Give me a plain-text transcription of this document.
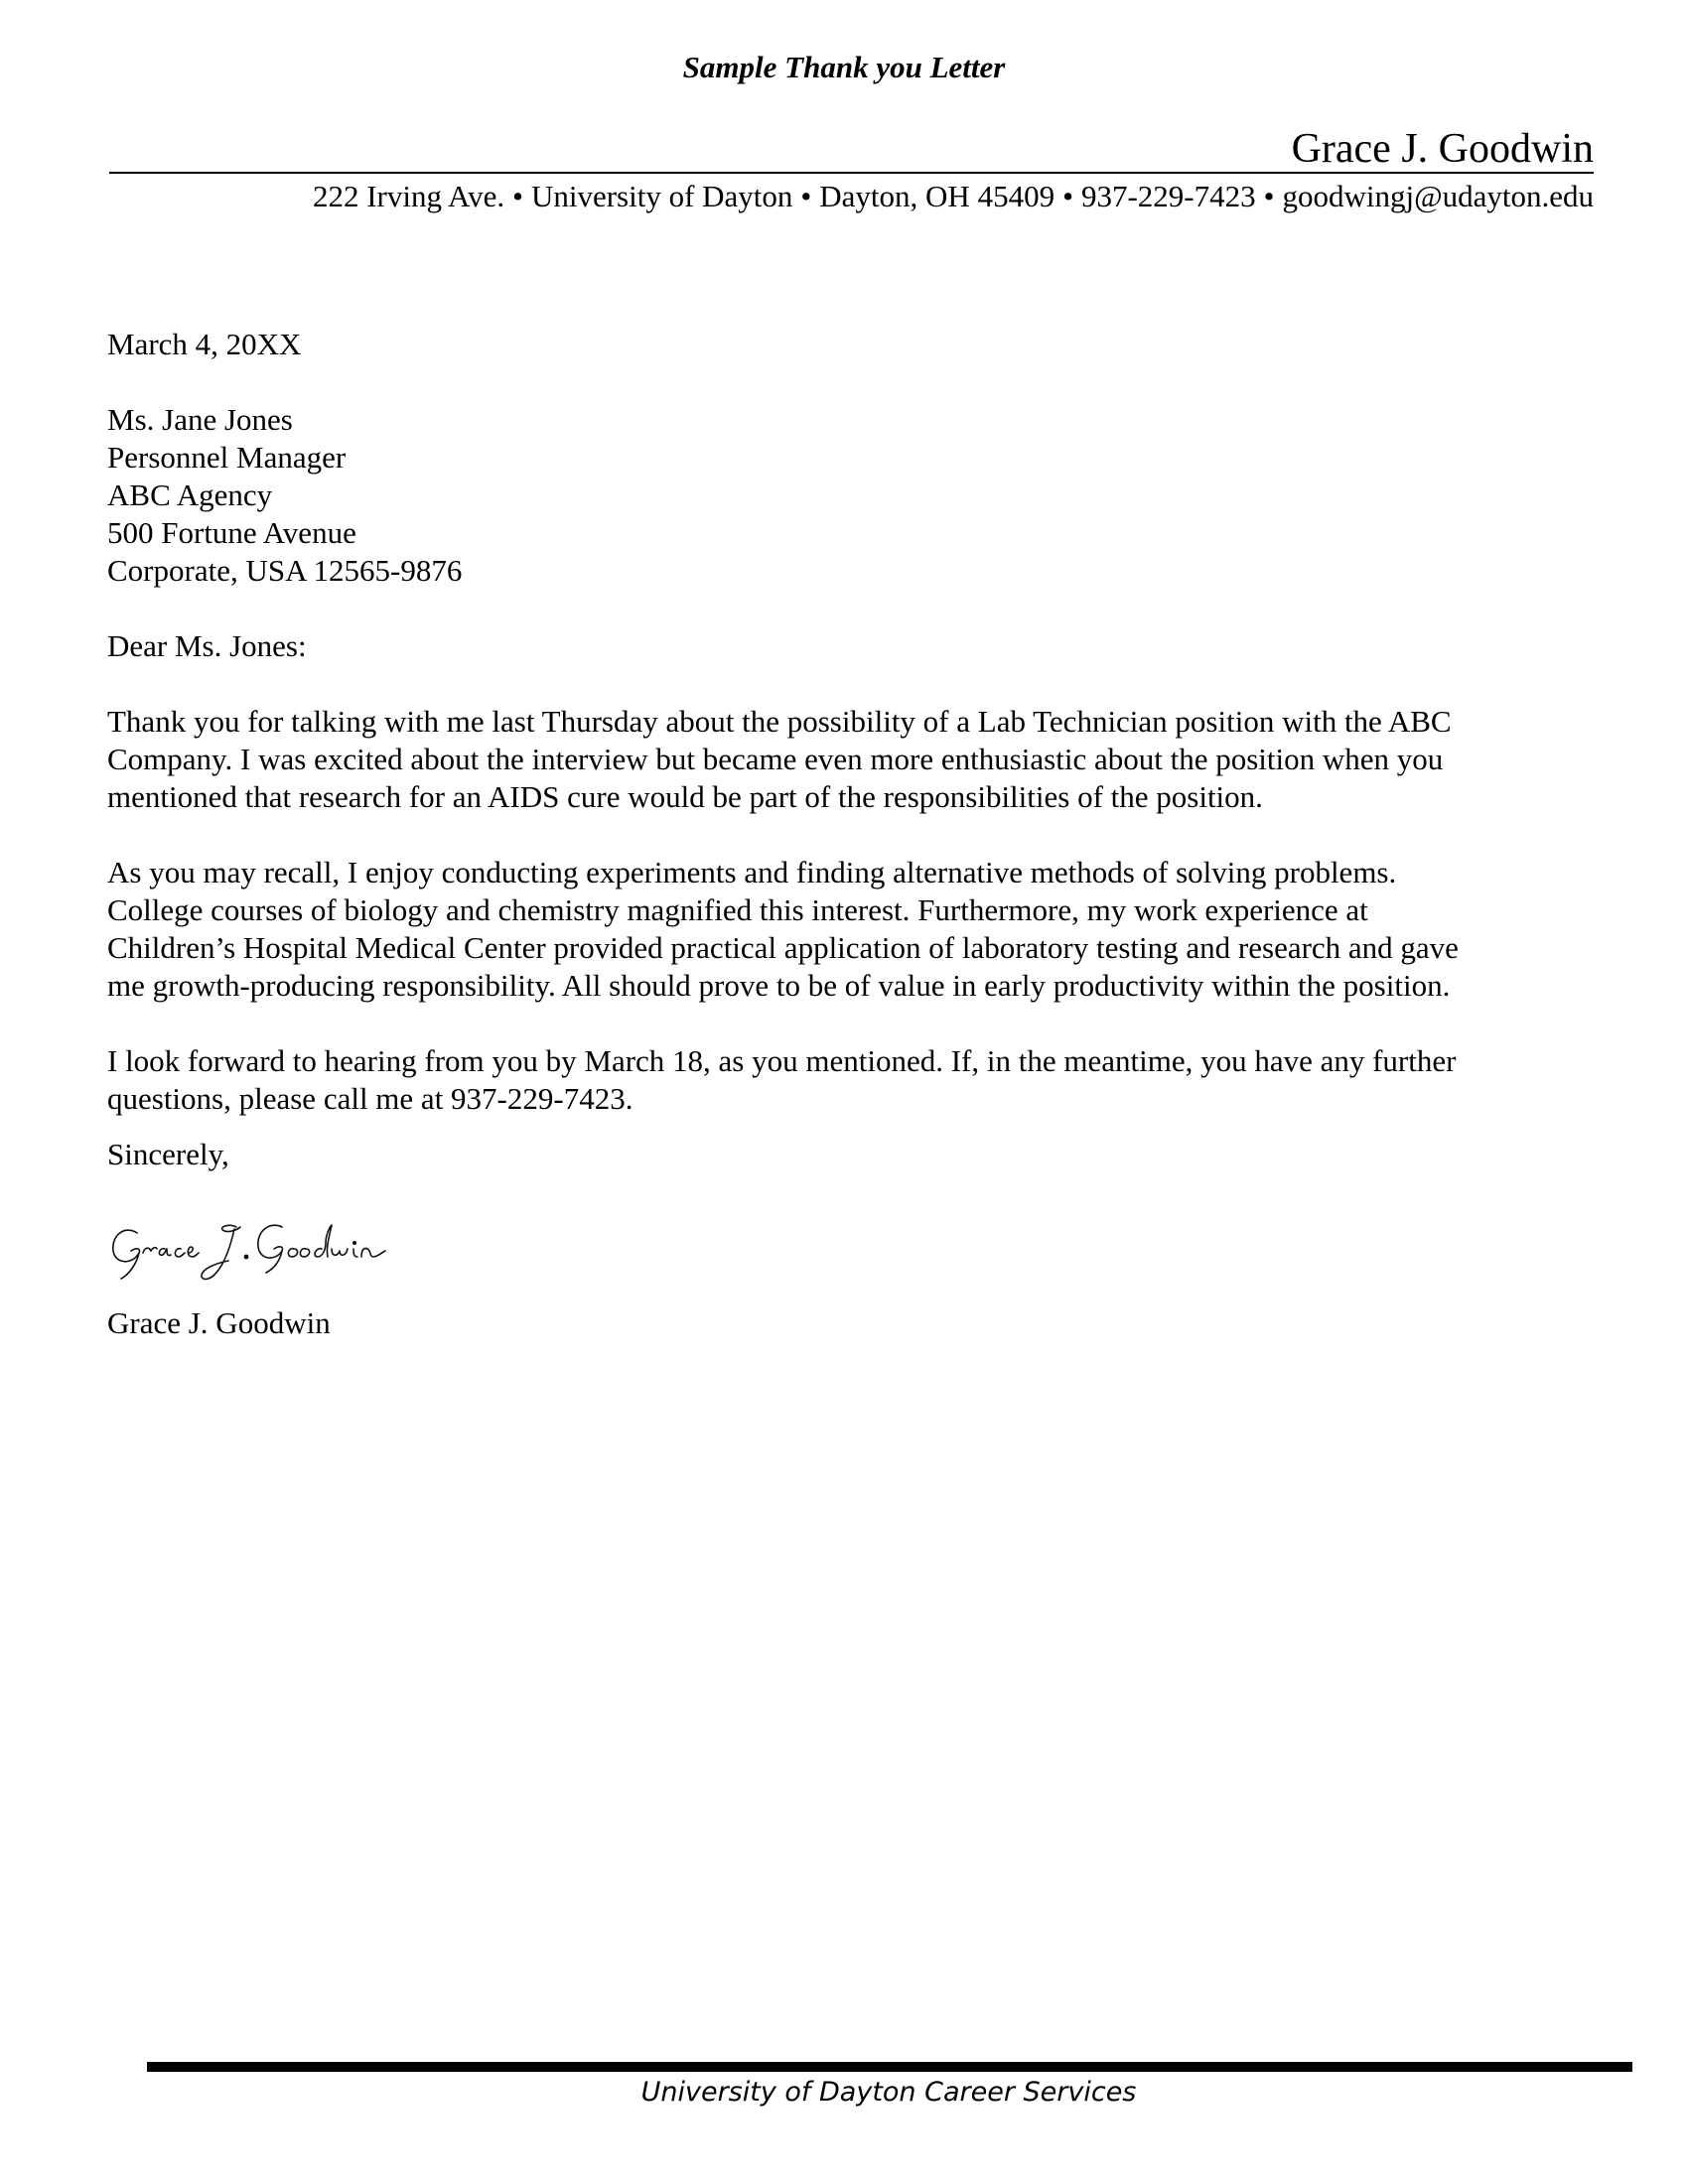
Sample Thank you Letter
Grace J. Goodwin
222 Irving Ave. • University of Dayton • Dayton, OH 45409 • 937-229-7423 • goodwingj@udayton.edu

March 4, 20XX

Ms. Jane Jones
Personnel Manager
ABC Agency
500 Fortune Avenue
Corporate, USA 12565-9876

Dear Ms. Jones:

Thank you for talking with me last Thursday about the possibility of a Lab Technician position with the ABC
Company. I was excited about the interview but became even more enthusiastic about the position when you
mentioned that research for an AIDS cure would be part of the responsibilities of the position.
As you may recall, I enjoy conducting experiments and finding alternative methods of solving problems.
College courses of biology and chemistry magnified this interest. Furthermore, my work experience at
Children’s Hospital Medical Center provided practical application of laboratory testing and research and gave
me growth-producing responsibility. All should prove to be of value in early productivity within the position.
I look forward to hearing from you by March 18, as you mentioned. If, in the meantime, you have any further
questions, please call me at 937-229-7423.

Sincerely,

Grace J. Goodwin

University of Dayton Career Services
